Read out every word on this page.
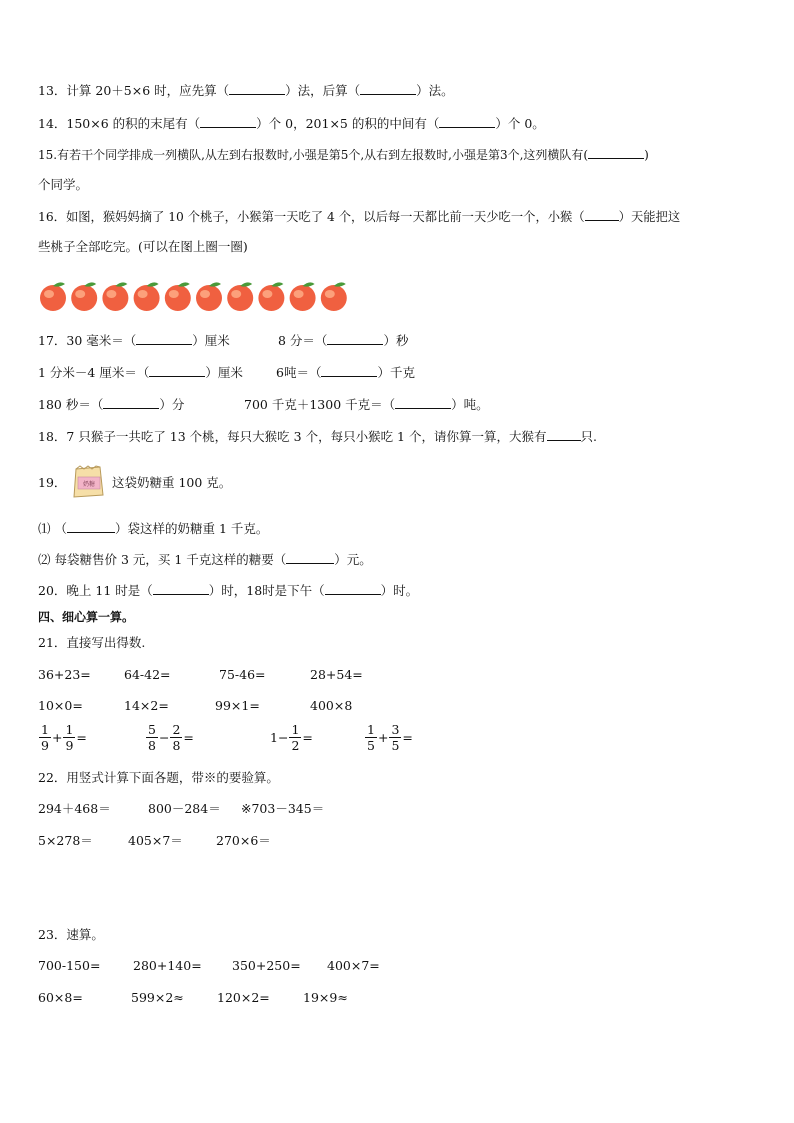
13．计算 20＋5×6 时，应先算（	）法，后算（	）法。
14．150×6 的积的末尾有（	）个 0，201×5 的积的中间有（	）个 0。
15.有若干个同学排成一列横队,从左到右报数时,小强是第5个,从右到左报数时,小强是第3个,这列横队有(	)
个同学。
16．如图，猴妈妈摘了 10 个桃子，小猴第一天吃了 4 个，以后每一天都比前一天少吃一个，小猴（	）天能把这
些桃子全部吃完。(可以在图上圈一圈)
17．30 毫米＝（	）厘米	8 分＝（	）秒
1 分米－4 厘米＝（	）厘米	6吨＝（	）千克
180 秒＝（	）分	700 千克＋1300 千克＝（	）吨。
18．7 只猴子一共吃了 13 个桃，每只大猴吃 3 个，每只小猴吃 1 个，请你算一算，大猴有	只.
19．	奶糖 这袋奶糖重 100 克。
⑴ （	）袋这样的奶糖重 1 千克。
⑵ 每袋糖售价 3 元，买 1 千克这样的糖要（	）元。
20．晚上 11 时是（	）时，18时是下午（	）时。
四、细心算一算。
21．直接写出得数.
36+23=	64-42=	75-46=	28+54=
10×0=	14×2=	99×1=	400×8
$\frac{1}{9} + \frac{1}{9}$ =	$\frac{5}{8} - \frac{2}{8}$ =	$1- \frac{1}{2}$ =	$\frac{1}{5} + \frac{3}{5}$ =
22．用竖式计算下面各题，带※的要验算。
294＋468＝	800－284＝ ※703－345＝
5×278＝	405×7＝	270×6＝
23．速算。
700-150=	280+140= 350+250= 400×7=
60×8=	599×2≈	120×2=	19×9≈
